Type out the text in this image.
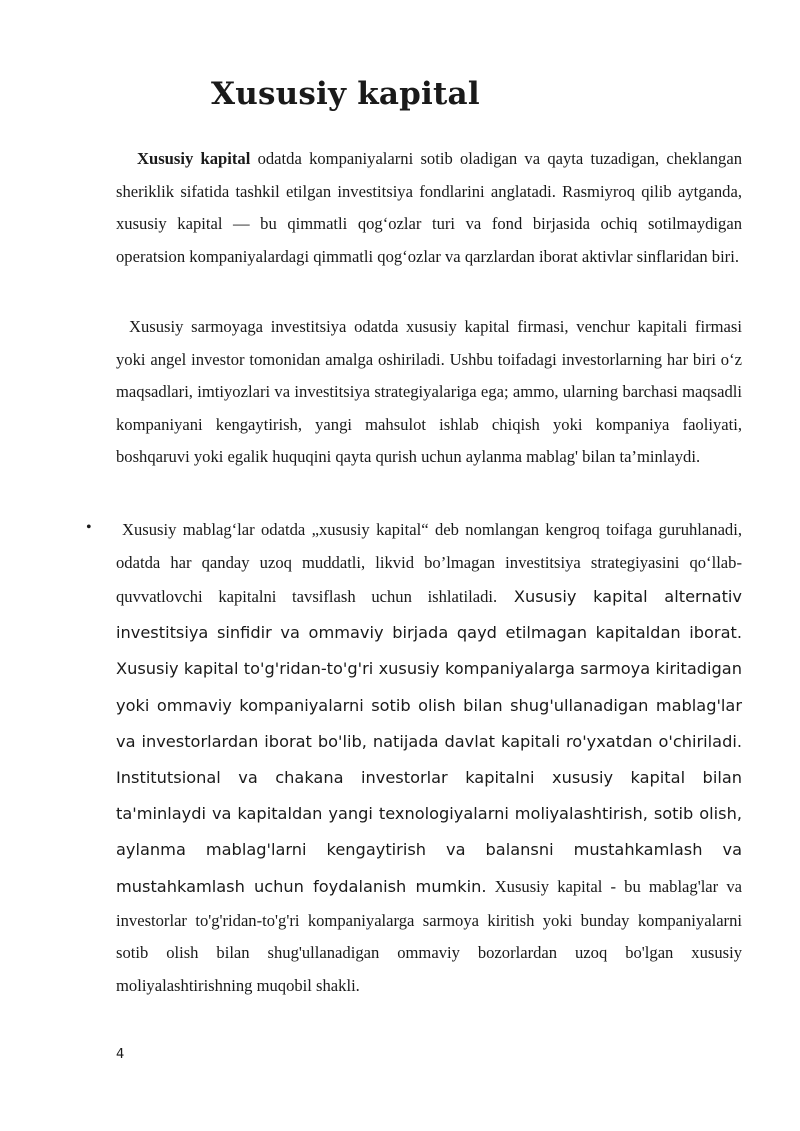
Xususiy kapital

Xususiy kapital odatda kompaniyalarni sotib oladigan va qayta tuzadigan, cheklangan sheriklik sifatida tashkil etilgan investitsiya fondlarini anglatadi. Rasmiyroq qilib aytganda, xususiy kapital — bu qimmatli qog‘ozlar turi va fond birjasida ochiq sotilmaydigan operatsion kompaniyalardagi qimmatli qog‘ozlar va qarzlardan iborat aktivlar sinflaridan biri.

Xususiy sarmoyaga investitsiya odatda xususiy kapital firmasi, venchur kapitali firmasi yoki angel investor tomonidan amalga oshiriladi. Ushbu toifadagi investorlarning har biri o‘z maqsadlari, imtiyozlari va investitsiya strategiyalariga ega; ammo, ularning barchasi maqsadli kompaniyani kengaytirish, yangi mahsulot ishlab chiqish yoki kompaniya faoliyati, boshqaruvi yoki egalik huquqini qayta qurish uchun aylanma mablag' bilan ta’minlaydi.

•	Xususiy mablag‘lar odatda „xususiy kapital“ deb nomlangan kengroq toifaga guruhlanadi, odatda har qanday uzoq muddatli, likvid bo’lmagan investitsiya strategiyasini qo‘llab-quvvatlovchi kapitalni tavsiflash uchun ishlatiladi. Xususiy kapital alternativ investitsiya sinfidir va ommaviy birjada qayd etilmagan kapitaldan iborat. Xususiy kapital to'g'ridan-to'g'ri xususiy kompaniyalarga sarmoya kiritadigan yoki ommaviy kompaniyalarni sotib olish bilan shug'ullanadigan mablag'lar va investorlardan iborat bo'lib, natijada davlat kapitali ro'yxatdan o'chiriladi. Institutsional va chakana investorlar kapitalni xususiy kapital bilan ta'minlaydi va kapitaldan yangi texnologiyalarni moliyalashtirish, sotib olish, aylanma mablag'larni kengaytirish va balansni mustahkamlash va mustahkamlash uchun foydalanish mumkin. Xususiy kapital - bu mablag'lar va investorlar to'g'ridan-to'g'ri kompaniyalarga sarmoya kiritish yoki bunday kompaniyalarni sotib olish bilan shug'ullanadigan ommaviy bozorlardan uzoq bo'lgan xususiy moliyalashtirishning muqobil shakli.

4
